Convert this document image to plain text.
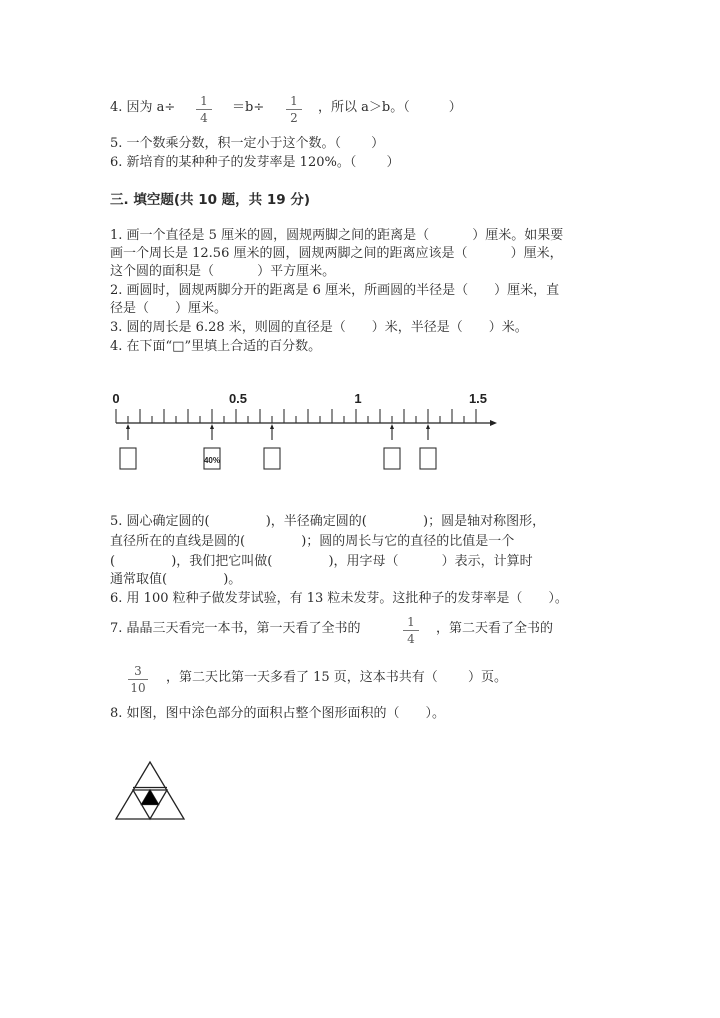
4. 因为 a÷	1
4
＝b÷	1
2
，所以 a＞b。（　　　）
5. 一个数乘分数，积一定小于这个数。（　　 ）
6. 新培育的某种种子的发芽率是 120%。（　　 ）
三. 填空题(共 10 题，共 19 分)
1. 画一个直径是 5 厘米的圆，圆规两脚之间的距离是（　　　 ）厘米。如果要
画一个周长是 12.56 厘米的圆，圆规两脚之间的距离应该是（　　　 ）厘米，
这个圆的面积是（　　　 ）平方厘米。
2. 画圆时，圆规两脚分开的距离是 6 厘米，所画圆的半径是（　　）厘米，直
径是（　　）厘米。
3. 圆的周长是 6.28 米，则圆的直径是（　　）米，半径是（　　）米。
4. 在下面“□”里填上合适的百分数。
0	0.5	1	1.5
40%
5. 圆心确定圆的(　　　　 )，半径确定圆的(　　　　 )；圆是轴对称图形，
直径所在的直线是圆的(　　　　 )；圆的周长与它的直径的比值是一个
(　　　　 )，我们把它叫做(　　　　 )，用字母（　　　 ）表示，计算时
通常取值(　　　　 )。
6. 用 100 粒种子做发芽试验，有 13 粒未发芽。这批种子的发芽率是（　　）。
7. 晶晶三天看完一本书，第一天看了全书的	1
4
，第二天看了全书的
3
10
，第二天比第一天多看了 15 页，这本书共有（　　 ）页。
8. 如图，图中涂色部分的面积占整个图形面积的（　　）。
